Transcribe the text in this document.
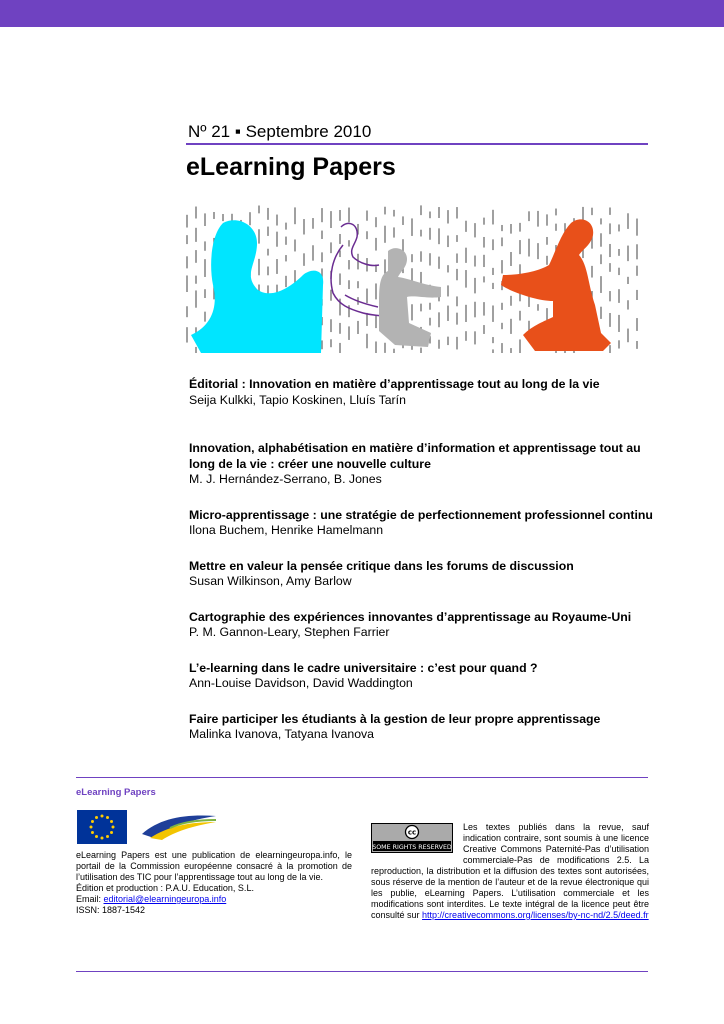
Nº 21 ▪ Septembre 2010
eLearning Papers
Éditorial : Innovation en matière d’apprentissage tout au long de la vie
Seija Kulkki, Tapio Koskinen, Lluís Tarín
Innovation, alphabétisation en matière d’information et apprentissage tout au long de la vie : créer une nouvelle culture
M. J. Hernández-Serrano, B. Jones
Micro-apprentissage : une stratégie de perfectionnement professionnel continu
Ilona Buchem, Henrike Hamelmann
Mettre en valeur la pensée critique dans les forums de discussion
Susan Wilkinson, Amy Barlow
Cartographie des expériences innovantes d’apprentissage au Royaume-Uni
P. M. Gannon-Leary, Stephen Farrier
L’e-learning dans le cadre universitaire : c’est pour quand ?
Ann-Louise Davidson, David Waddington
Faire participer les étudiants à la gestion de leur propre apprentissage
Malinka Ivanova, Tatyana Ivanova
eLearning Papers

eLearning Papers est une publication de elearningeuropa.info, le portail de la Commission européenne consacré à la promotion de l’utilisation des TIC pour l’apprentissage tout au long de la vie.

Édition et production : P.A.U. Education, S.L.

Email: editorial@elearningeuropa.info

ISSN: 1887-1542

cc
SOME RIGHTS RESERVED
Les textes publiés dans la revue, sauf indication contraire, sont soumis à une licence Creative Commons Paternité-Pas d’utilisation commerciale-Pas de modifications 2.5. La reproduction, la distribution et la diffusion des textes sont autorisées, sous réserve de la mention de l’auteur et de la revue électronique qui les publie, eLearning Papers. L’utilisation commerciale et les modifications sont interdites. Le texte intégral de la licence peut être consulté sur http://creativecommons.org/licenses/by-nc-nd/2.5/deed.fr
